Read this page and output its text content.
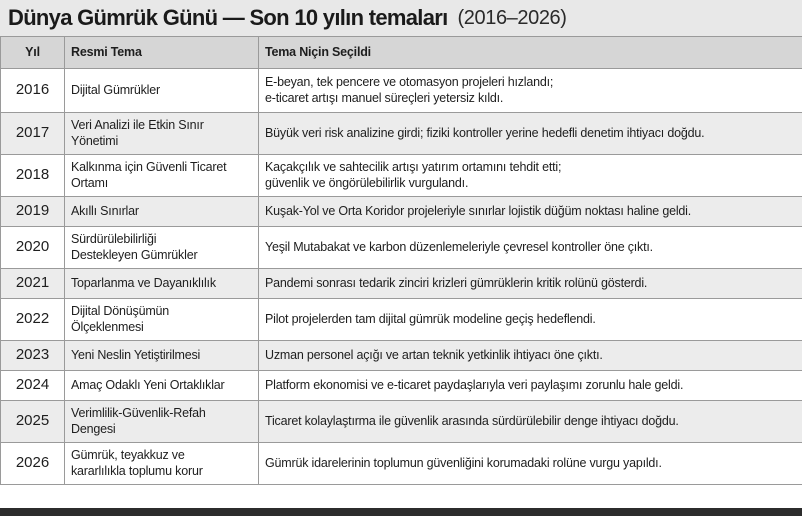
Dünya Gümrük Günü — Son 10 yılın temaları (2016–2026)
Yıl	Resmi Tema	Tema Niçin Seçildi
2016	Dijital Gümrükler	E-beyan, tek pencere ve otomasyon projeleri hızlandı;
e-ticaret artışı manuel süreçleri yetersiz kıldı.
2017	Veri Analizi ile Etkin Sınır
Yönetimi	Büyük veri risk analizine girdi; fiziki kontroller yerine hedefli denetim ihtiyacı doğdu.
2018	Kalkınma için Güvenli Ticaret
Ortamı	Kaçakçılık ve sahtecilik artışı yatırım ortamını tehdit etti;
güvenlik ve öngörülebilirlik vurgulandı.
2019	Akıllı Sınırlar	Kuşak-Yol ve Orta Koridor projeleriyle sınırlar lojistik düğüm noktası haline geldi.
2020	Sürdürülebilirliği
Destekleyen Gümrükler	Yeşil Mutabakat ve karbon düzenlemeleriyle çevresel kontroller öne çıktı.
2021	Toparlanma ve Dayanıklılık	Pandemi sonrası tedarik zinciri krizleri gümrüklerin kritik rolünü gösterdi.
2022	Dijital Dönüşümün
Ölçeklenmesi	Pilot projelerden tam dijital gümrük modeline geçiş hedeflendi.
2023	Yeni Neslin Yetiştirilmesi	Uzman personel açığı ve artan teknik yetkinlik ihtiyacı öne çıktı.
2024	Amaç Odaklı Yeni Ortaklıklar	Platform ekonomisi ve e-ticaret paydaşlarıyla veri paylaşımı zorunlu hale geldi.
2025	Verimlilik-Güvenlik-Refah
Dengesi	Ticaret kolaylaştırma ile güvenlik arasında sürdürülebilir denge ihtiyacı doğdu.
2026	Gümrük, teyakkuz ve
kararlılıkla toplumu korur	Gümrük idarelerinin toplumun güvenliğini korumadaki rolüne vurgu yapıldı.
